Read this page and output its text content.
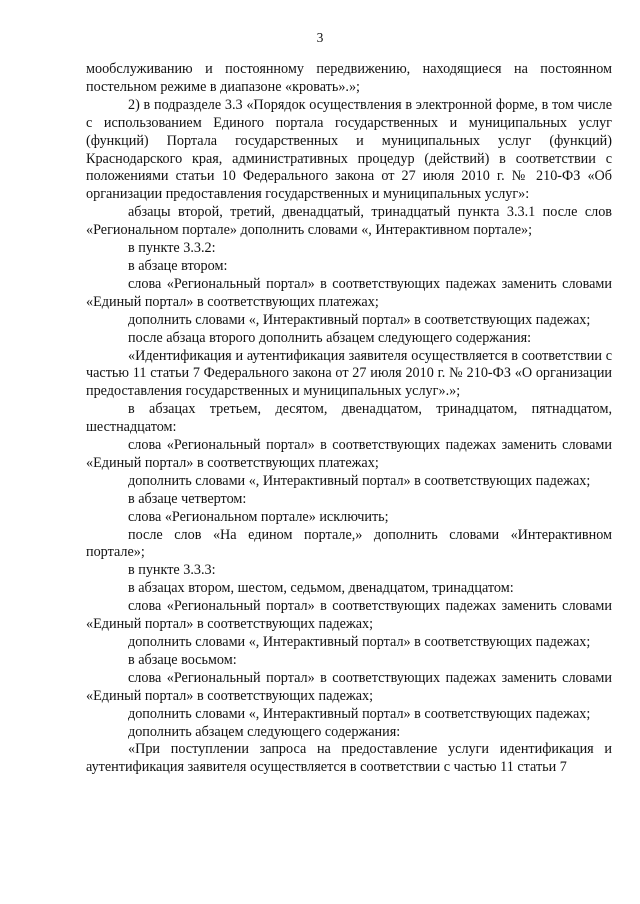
3

мообслуживанию и постоянному передвижению, находящиеся на постоянном постельном режиме в диапазоне «кровать».»;

2) в подразделе 3.3 «Порядок осуществления в электронной форме, в том числе с использованием Единого портала государственных и муниципальных услуг (функций) Портала государственных и муниципальных услуг (функций) Краснодарского края, административных процедур (действий) в соответствии с положениями статьи 10 Федерального закона от 27 июля 2010 г. № 210-ФЗ «Об организации предоставления государственных и муниципальных услуг»:

абзацы второй, третий, двенадцатый, тринадцатый пункта 3.3.1 после слов «Региональном портале» дополнить словами «, Интерактивном портале»;

в пункте 3.3.2:

в абзаце втором:

слова «Региональный портал» в соответствующих падежах заменить словами «Единый портал» в соответствующих платежах;

дополнить словами «, Интерактивный портал» в соответствующих падежах;

после абзаца второго дополнить абзацем следующего содержания:

«Идентификация и аутентификация заявителя осуществляется в соответствии с частью 11 статьи 7 Федерального закона от 27 июля 2010 г. № 210-ФЗ «О организации предоставления государственных и муниципальных услуг».»;

в абзацах третьем, десятом, двенадцатом, тринадцатом, пятнадцатом, шестнадцатом:

слова «Региональный портал» в соответствующих падежах заменить словами «Единый портал» в соответствующих платежах;

дополнить словами «, Интерактивный портал» в соответствующих падежах;

в абзаце четвертом:

слова «Региональном портале» исключить;

после слов «На едином портале,» дополнить словами «Интерактивном портале»;

в пункте 3.3.3:

в абзацах втором, шестом, седьмом, двенадцатом, тринадцатом:

слова «Региональный портал» в соответствующих падежах заменить словами «Единый портал» в соответствующих падежах;

дополнить словами «, Интерактивный портал» в соответствующих падежах;

в абзаце восьмом:

слова «Региональный портал» в соответствующих падежах заменить словами «Единый портал» в соответствующих падежах;

дополнить словами «, Интерактивный портал» в соответствующих падежах;

дополнить абзацем следующего содержания:

«При поступлении запроса на предоставление услуги идентификация и аутентификация заявителя осуществляется в соответствии с частью 11 статьи 7
